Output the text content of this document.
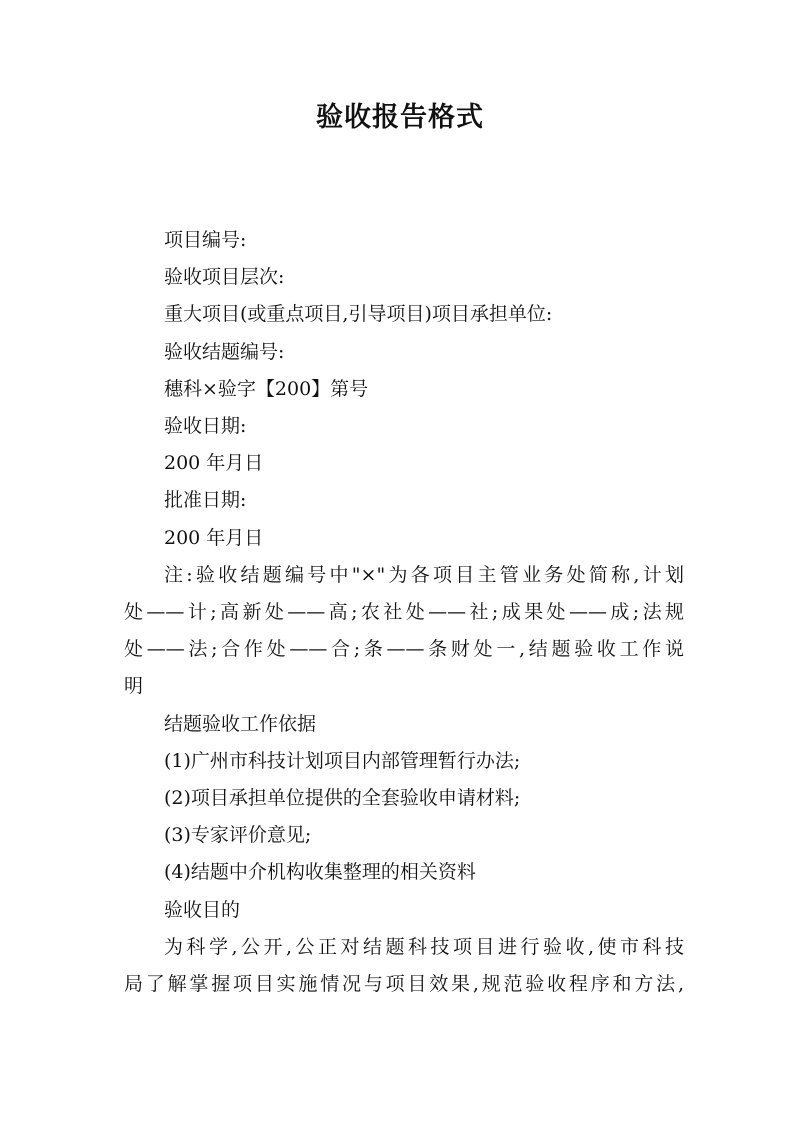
验收报告格式

项目编号:

验收项目层次:

重大项目(或重点项目,引导项目)项目承担单位:

验收结题编号:

穗科×验字【200】第号

验收日期:

200 年月日

批准日期:

200 年月日

注:验收结题编号中"×"为各项目主管业务处简称,计划

处——计;高新处——高;农社处——社;成果处——成;法规

处——法;合作处——合;条——条财处一,结题验收工作说

明

结题验收工作依据

(1)广州市科技计划项目内部管理暂行办法;

(2)项目承担单位提供的全套验收申请材料;

(3)专家评价意见;

(4)结题中介机构收集整理的相关资料

验收目的

为科学,公开,公正对结题科技项目进行验收,使市科技

局了解掌握项目实施情况与项目效果,规范验收程序和方法,
